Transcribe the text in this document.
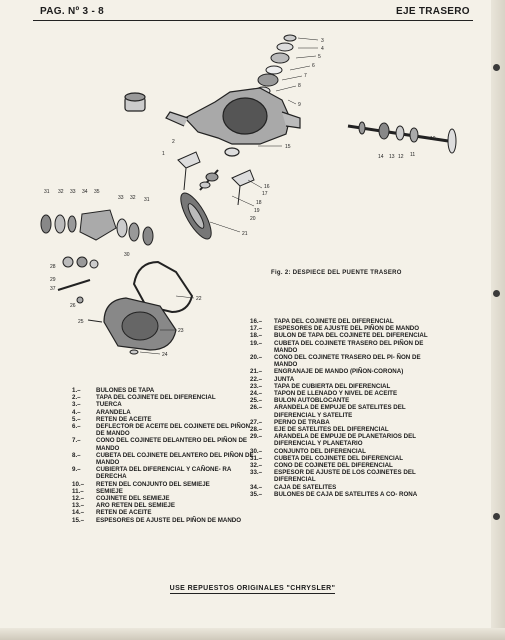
PAG. Nº 3 - 8	EJE TRASERO
3
4
5
6
7
8
9
15
1
2
16
17
18
19
20
21
10
11
12
13
14
31 32 33 34 35
33 32 31
30
28
29
37
26
25
22
23
24
Fig. 2: DESPIECE DEL PUENTE TRASERO
1.–	BULONES DE TAPA
2.–	TAPA DEL COJINETE DEL DIFERENCIAL
3.–	TUERCA
4.–	ARANDELA
5.–	RETEN DE ACEITE
6.–	DEFLECTOR DE ACEITE DEL COJINETE DEL PIÑON DE MANDO
7.–	CONO DEL COJINETE DELANTERO DEL PIÑON DE MANDO
8.–	CUBETA DEL COJINETE DELANTERO DEL PIÑON DE MANDO
9.–	CUBIERTA DEL DIFERENCIAL Y CAÑONE- RA DERECHA
10.–	RETEN DEL CONJUNTO DEL SEMIEJE
11.–	SEMIEJE
12.–	COJINETE DEL SEMIEJE
13.–	ARO RETEN DEL SEMIEJE
14.–	RETEN DE ACEITE
15.–	ESPESORES DE AJUSTE DEL PIÑON DE MANDO
16.–	TAPA DEL COJINETE DEL DIFERENCIAL
17.–	ESPESORES DE AJUSTE DEL PIÑON DE MANDO
18.–	BULON DE TAPA DEL COJINETE DEL DIFERENCIAL
19.–	CUBETA DEL COJINETE TRASERO DEL PIÑON DE MANDO
20.–	CONO DEL COJINETE TRASERO DEL PI- ÑON DE MANDO
21.–	ENGRANAJE DE MANDO (PIÑON-CORONA)
22.–	JUNTA
23.–	TAPA DE CUBIERTA DEL DIFERENCIAL
24.–	TAPON DE LLENADO Y NIVEL DE ACEITE
25.–	BULON AUTOBLOCANTE
26.–	ARANDELA DE EMPUJE DE SATELITES DEL DIFERENCIAL Y SATELITE
27.–	PERNO DE TRABA
28.–	EJE DE SATELITES DEL DIFERENCIAL
29.–	ARANDELA DE EMPUJE DE PLANETARIOS DEL DIFERENCIAL Y PLANETARIO
30.–	CONJUNTO DEL DIFERENCIAL
31.–	CUBETA DEL COJINETE DEL DIFERENCIAL
32.–	CONO DE COJINETE DEL DIFERENCIAL
33.–	ESPESOR DE AJUSTE DE LOS COJINETES DEL DIFERENCIAL
34.–	CAJA DE SATELITES
35.–	BULONES DE CAJA DE SATELITES A CO- RONA
USE REPUESTOS ORIGINALES "CHRYSLER"
